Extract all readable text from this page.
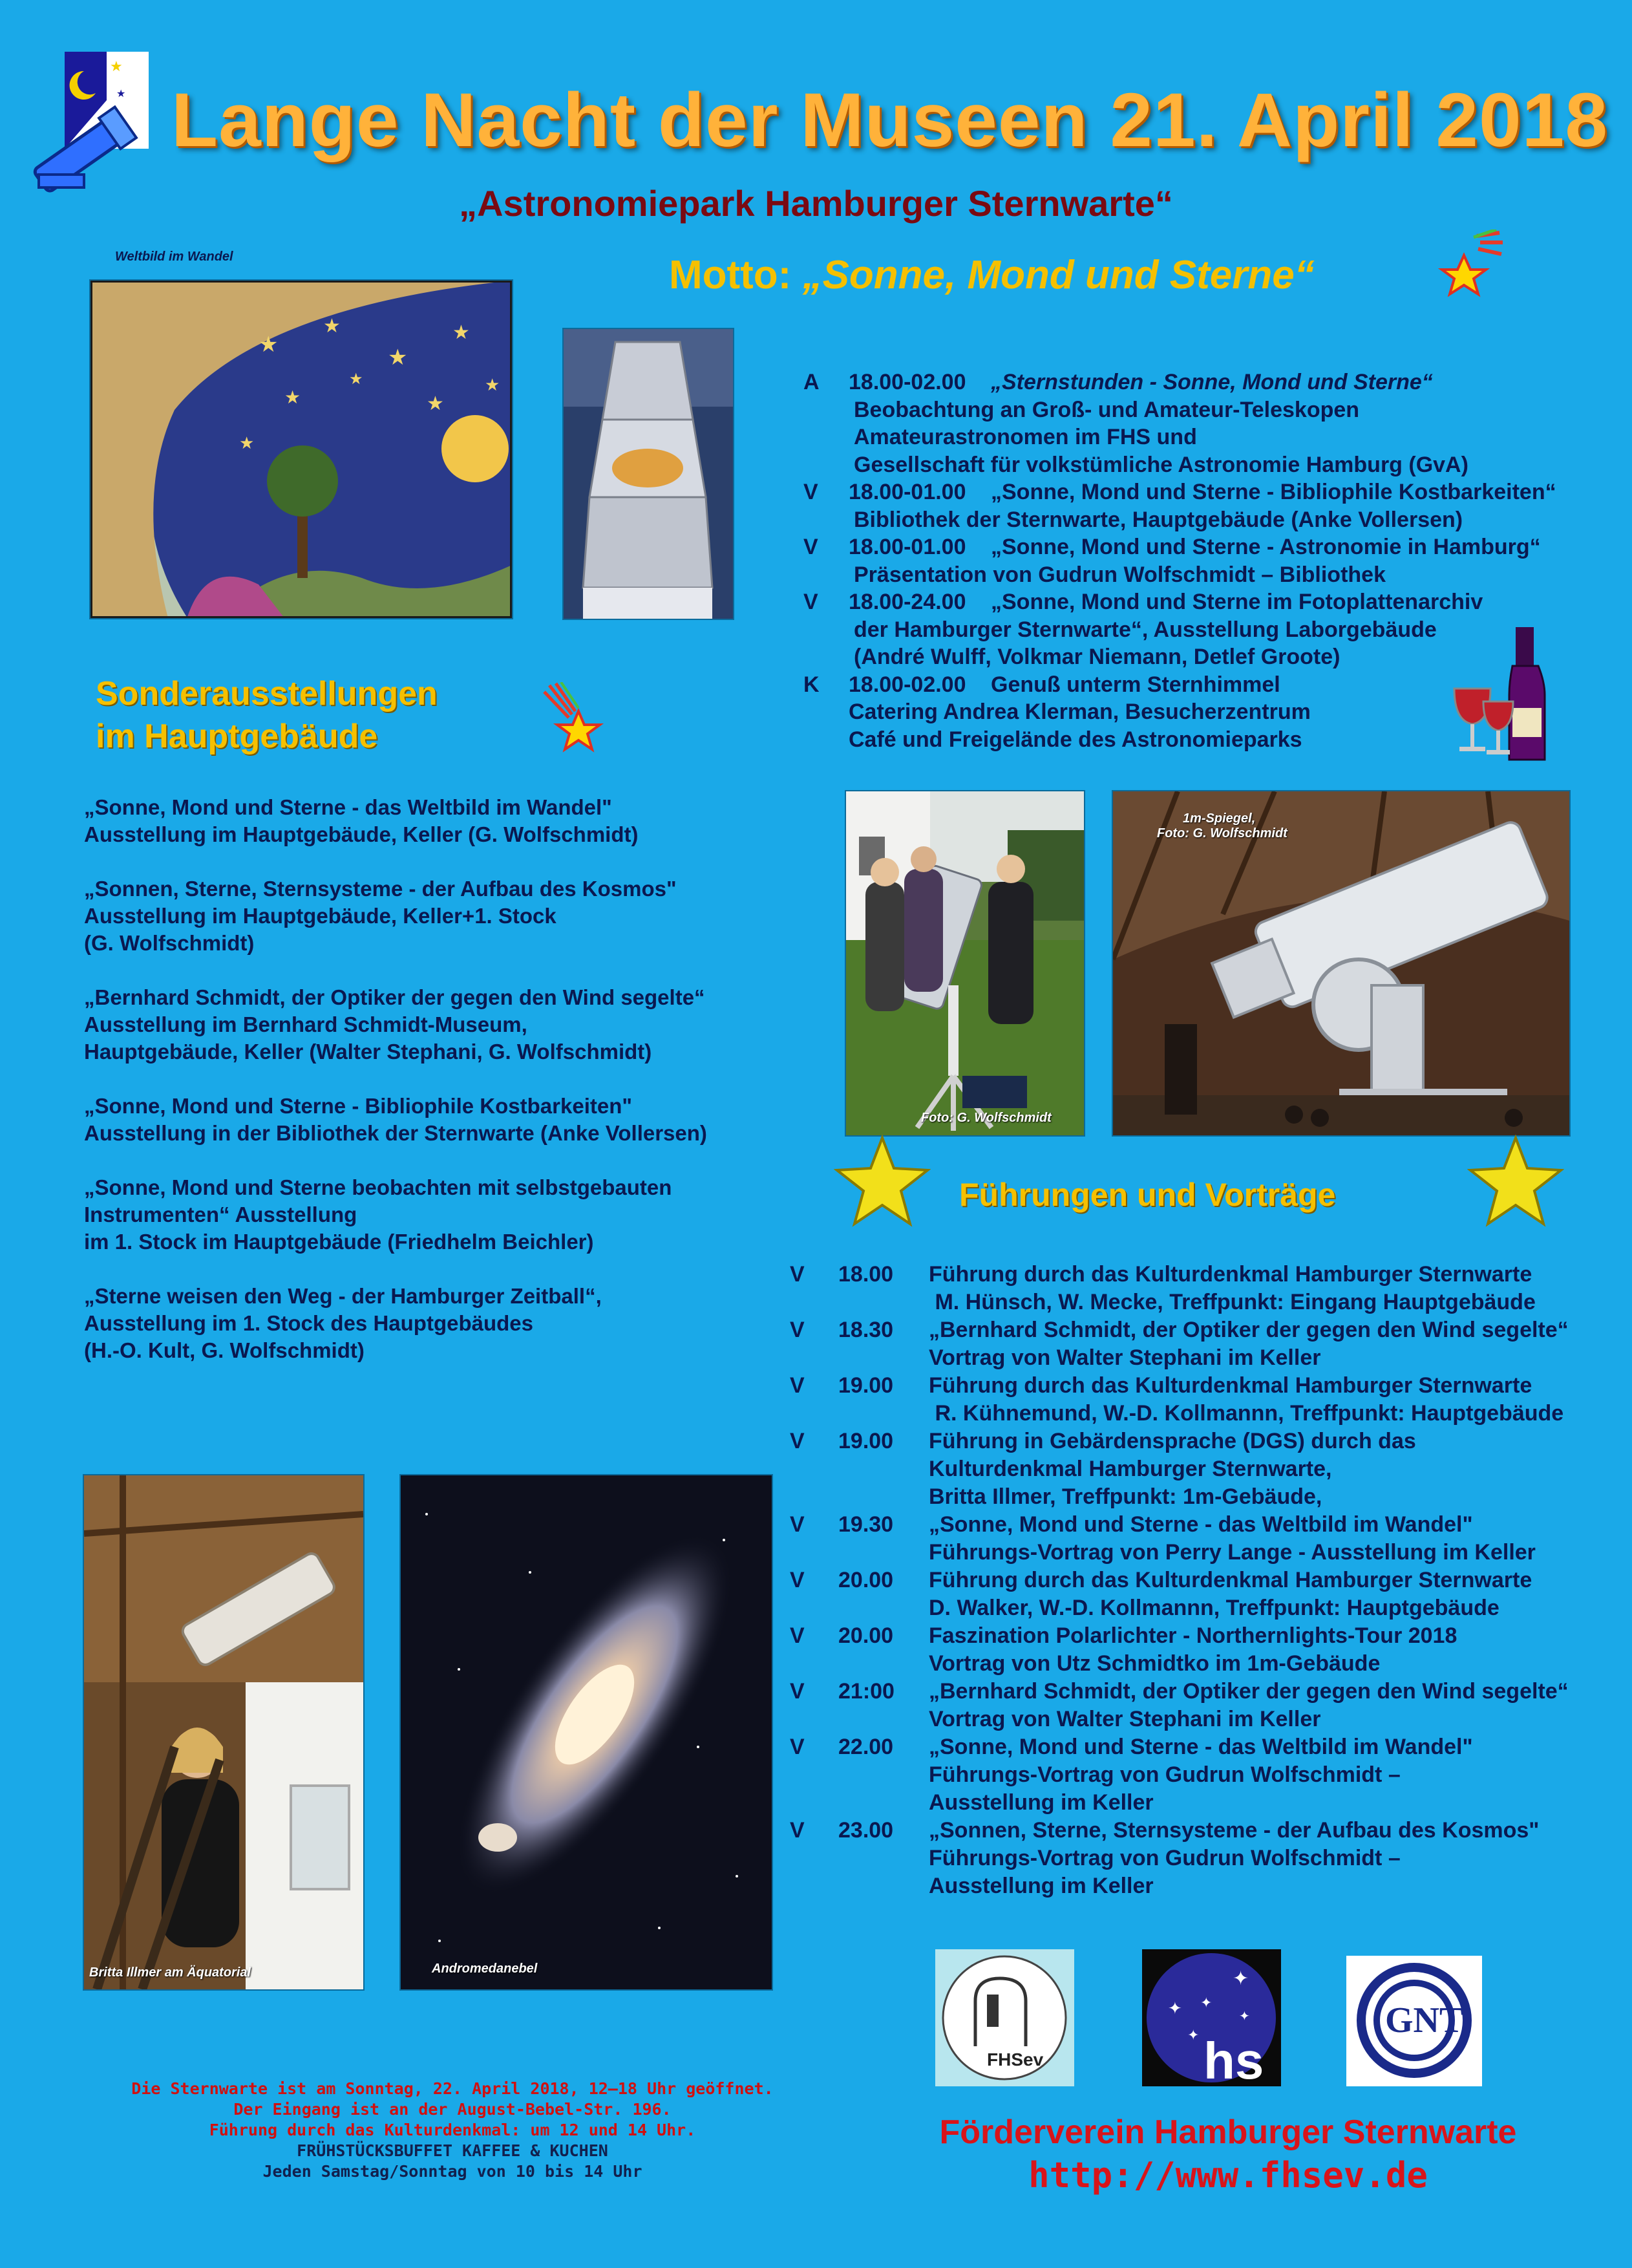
★
★ Lange Nacht der Museen 21. April 2018
„Astronomiepark Hamburger Sternwarte“
Motto: „Sonne, Mond und Sterne“
Weltbild im Wandel
★
★
★
★
★	★
★
★
★
A	18.00-02.00	„Sternstunden - Sonne, Mond und Sterne“
Beobachtung an Groß- und Amateur-Teleskopen
Amateurastronomen im FHS und
Gesellschaft für volkstümliche Astronomie Hamburg (GvA)
V	18.00-01.00	„Sonne, Mond und Sterne - Bibliophile Kostbarkeiten“
Bibliothek der Sternwarte, Hauptgebäude (Anke Vollersen)
V	18.00-01.00	„Sonne, Mond und Sterne - Astronomie in Hamburg“
Präsentation von Gudrun Wolfschmidt – Bibliothek
V	18.00-24.00	„Sonne, Mond und Sterne im Fotoplattenarchiv
der Hamburger Sternwarte“, Ausstellung Laborgebäude
(André Wulff, Volkmar Niemann, Detlef Groote)
K	18.00-02.00	Genuß unterm Sternhimmel
Catering Andrea Klerman, Besucherzentrum
Café und Freigelände des Astronomieparks
Sonderausstellungen
im Hauptgebäude
„Sonne, Mond und Sterne - das Weltbild im Wandel"
Ausstellung im Hauptgebäude, Keller (G. Wolfschmidt)
„Sonnen, Sterne, Sternsysteme - der Aufbau des Kosmos"
Ausstellung im Hauptgebäude, Keller+1. Stock
(G. Wolfschmidt)
„Bernhard Schmidt, der Optiker der gegen den Wind segelte“
Ausstellung im Bernhard Schmidt-Museum,
Hauptgebäude, Keller (Walter Stephani, G. Wolfschmidt)
„Sonne, Mond und Sterne - Bibliophile Kostbarkeiten"
Ausstellung in der Bibliothek der Sternwarte (Anke Vollersen)
„Sonne, Mond und Sterne beobachten mit selbstgebauten
Instrumenten“ Ausstellung
im 1. Stock im Hauptgebäude (Friedhelm Beichler)
„Sterne weisen den Weg - der Hamburger Zeitball“,
Ausstellung im 1. Stock des Hauptgebäudes
(H.-O. Kult, G. Wolfschmidt)
Foto: G. Wolfschmidt
1m-Spiegel,
Foto: G. Wolfschmidt
Führungen und Vorträge
V	18.00	Führung durch das Kulturdenkmal Hamburger Sternwarte
M. Hünsch, W. Mecke, Treffpunkt: Eingang Hauptgebäude
V	18.30	„Bernhard Schmidt, der Optiker der gegen den Wind segelte“
Vortrag von Walter Stephani im Keller
V	19.00	Führung durch das Kulturdenkmal Hamburger Sternwarte
R. Kühnemund, W.-D. Kollmannn, Treffpunkt: Hauptgebäude
V	19.00	Führung in Gebärdensprache (DGS) durch das
Kulturdenkmal Hamburger Sternwarte,
Britta Illmer, Treffpunkt: 1m-Gebäude,
V	19.30	„Sonne, Mond und Sterne - das Weltbild im Wandel"
Führungs-Vortrag von Perry Lange - Ausstellung im Keller
V	20.00	Führung durch das Kulturdenkmal Hamburger Sternwarte
D. Walker, W.-D. Kollmannn, Treffpunkt: Hauptgebäude
V	20.00	Faszination Polarlichter - Northernlights-Tour 2018
Vortrag von Utz Schmidtko im 1m-Gebäude
V	21:00	„Bernhard Schmidt, der Optiker der gegen den Wind segelte“
Vortrag von Walter Stephani im Keller
V	22.00	„Sonne, Mond und Sterne - das Weltbild im Wandel"
Führungs-Vortrag von Gudrun Wolfschmidt –
Ausstellung im Keller
V	23.00	„Sonnen, Sterne, Sternsysteme - der Aufbau des Kosmos"
Führungs-Vortrag von Gudrun Wolfschmidt –
Ausstellung im Keller
Britta Illmer am Äquatorial	Andromedanebel
FHSev
✦
✦ ✦
✦
✦
hs
GNT
Die Sternwarte ist am Sonntag, 22. April 2018, 12–18 Uhr geöffnet.
Der Eingang ist an der August-Bebel-Str. 196.
Führung durch das Kulturdenkmal: um 12 und 14 Uhr.
FRÜHSTÜCKSBUFFET KAFFEE & KUCHEN
Jeden Samstag/Sonntag von 10 bis 14 Uhr
Förderverein Hamburger Sternwarte
http://www.fhsev.de
